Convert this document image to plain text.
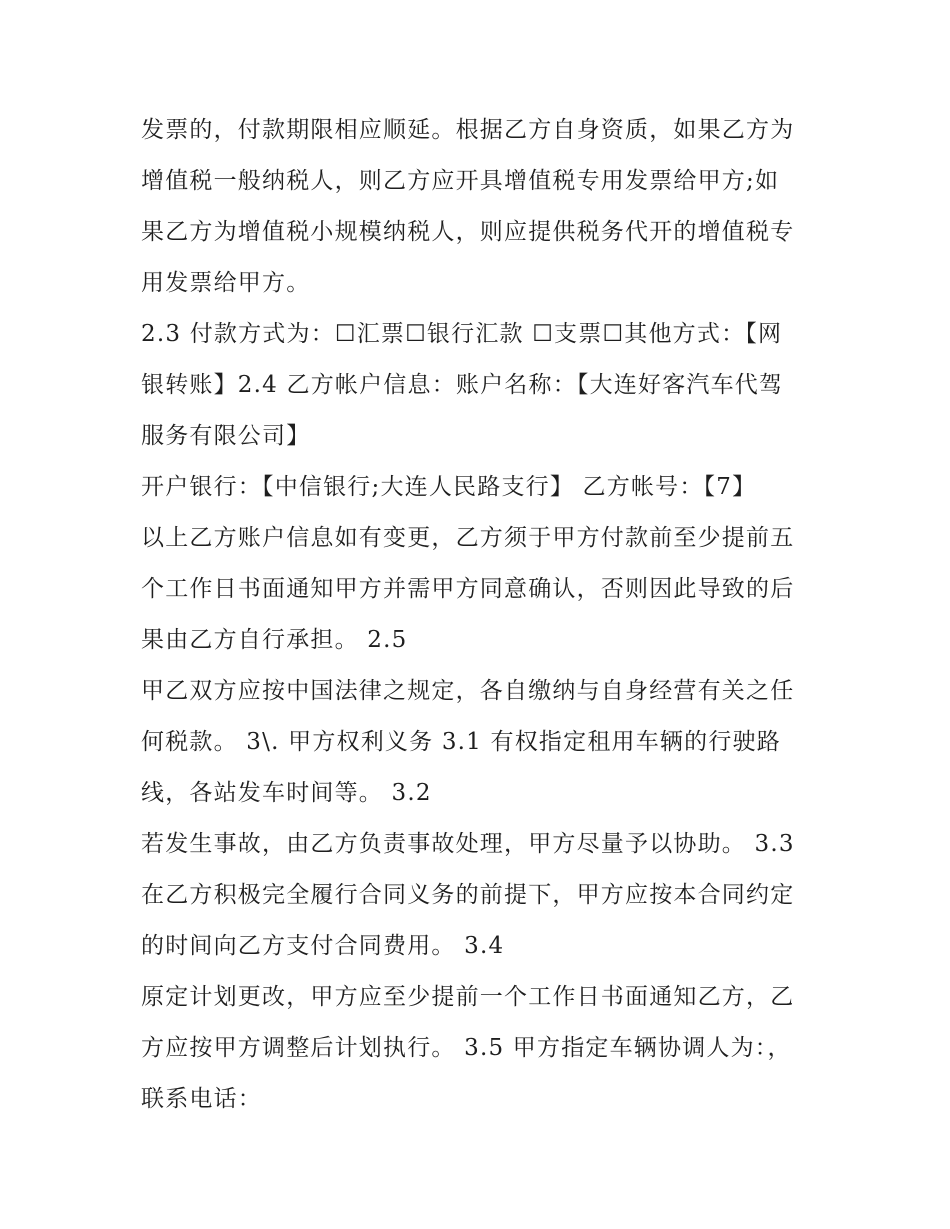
发票的，付款期限相应顺延。根据乙方自身资质，如果乙方为
增值税一般纳税人，则乙方应开具增值税专用发票给甲方;如
果乙方为增值税小规模纳税人，则应提供税务代开的增值税专
用发票给甲方。
2.3 付款方式为：☐汇票☐银行汇款 ☐支票☐其他方式：【网
银转账】2.4 乙方帐户信息：账户名称：【大连好客汽车代驾
服务有限公司】
开户银行：【中信银行;大连人民路支行】 乙方帐号：【7】
以上乙方账户信息如有变更，乙方须于甲方付款前至少提前五
个工作日书面通知甲方并需甲方同意确认，否则因此导致的后
果由乙方自行承担。 2.5
甲乙双方应按中国法律之规定，各自缴纳与自身经营有关之任
何税款。 3\. 甲方权利义务 3.1 有权指定租用车辆的行驶路
线，各站发车时间等。 3.2
若发生事故，由乙方负责事故处理，甲方尽量予以协助。 3.3
在乙方积极完全履行合同义务的前提下，甲方应按本合同约定
的时间向乙方支付合同费用。 3.4
原定计划更改，甲方应至少提前一个工作日书面通知乙方，乙
方应按甲方调整后计划执行。 3.5 甲方指定车辆协调人为：，
联系电话：
